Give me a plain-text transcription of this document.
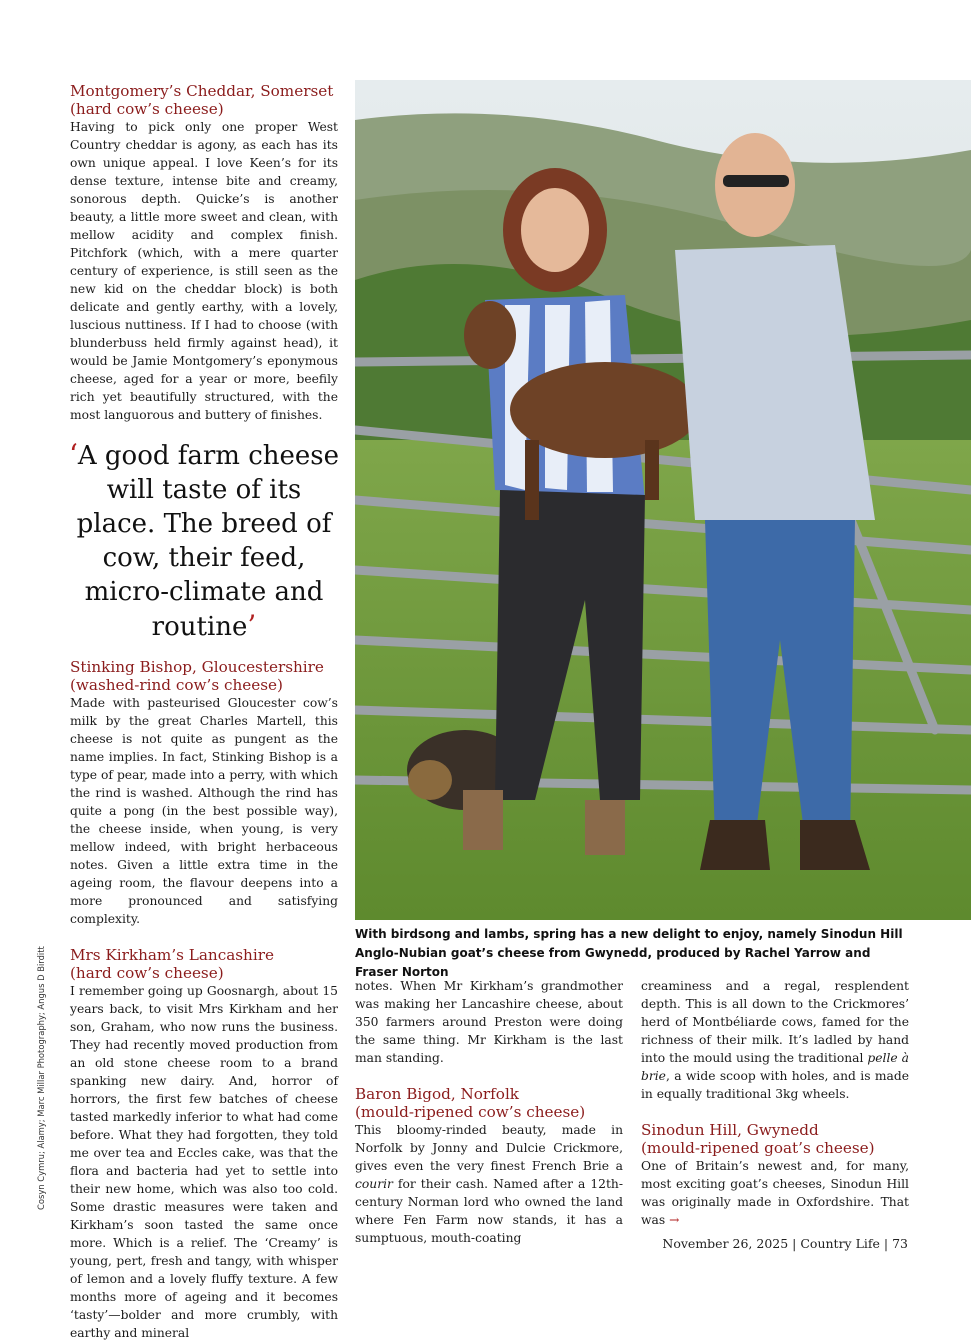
Montgomery’s Cheddar, Somerset
(hard cow’s cheese)

Having to pick only one proper West Country cheddar is agony, as each has its own unique appeal. I love Keen’s for its dense texture, intense bite and creamy, sonorous depth. Quicke’s is another beauty, a little more sweet and clean, with mellow acidity and complex finish. Pitchfork (which, with a mere quarter century of experience, is still seen as the new kid on the cheddar block) is both delicate and gently earthy, with a lovely, luscious nuttiness. If I had to choose (with blunderbuss held firmly against head), it would be Jamie Montgomery’s eponymous cheese, aged for a year or more, beefily rich yet beautifully structured, with the most languorous and buttery of finishes.

‘A good farm cheese will taste of its place. The breed of cow, their feed, micro-climate and routine’
Stinking Bishop, Gloucestershire
(washed-rind cow’s cheese)

Made with pasteurised Gloucester cow’s milk by the great Charles Martell, this cheese is not quite as pungent as the name implies. In fact, Stinking Bishop is a type of pear, made into a perry, with which the rind is washed. Although the rind has quite a pong (in the best possible way), the cheese inside, when young, is very mellow indeed, with bright herbaceous notes. Given a little extra time in the ageing room, the flavour deepens into a more pronounced and satisfying complexity.

Mrs Kirkham’s Lancashire
(hard cow’s cheese)

I remember going up Goosnargh, about 15 years back, to visit Mrs Kirkham and her son, Graham, who now runs the business. They had recently moved production from an old stone cheese room to a brand spanking new dairy. And, horror of horrors, the first few batches of cheese tasted markedly inferior to what had come before. What they had forgotten, they told me over tea and Eccles cake, was that the flora and bacteria had yet to settle into their new home, which was also too cold. Some drastic measures were taken and Kirkham’s soon tasted the same once more. Which is a relief. The ‘Creamy’ is young, pert, fresh and tangy, with whisper of lemon and a lovely fluffy texture. A few months more of ageing and it becomes ‘tasty’—bolder and more crumbly, with earthy and mineral

With birdsong and lambs, spring has a new delight to enjoy, namely Sinodun Hill Anglo-Nubian goat’s cheese from Gwynedd, produced by Rachel Yarrow and Fraser Norton

notes. When Mr Kirkham’s grandmother was making her Lancashire cheese, about 350 farmers around Preston were doing the same thing. Mr Kirkham is the last man standing.

Baron Bigod, Norfolk
(mould-ripened cow’s cheese)

This bloomy-rinded beauty, made in Norfolk by Jonny and Dulcie Crickmore, gives even the very finest French Brie a courir for their cash. Named after a 12th-century Norman lord who owned the land where Fen Farm now stands, it has a sumptuous, mouth-coating

creaminess and a regal, resplendent depth. This is all down to the Crickmores’ herd of Montbéliarde cows, famed for the richness of their milk. It’s ladled by hand into the mould using the traditional pelle à brie, a wide scoop with holes, and is made in equally traditional 3kg wheels.

Sinodun Hill, Gwynedd
(mould-ripened goat’s cheese)

One of Britain’s newest and, for many, most exciting goat’s cheeses, Sinodun Hill was originally made in Oxfordshire. That was →

Cosyn Cymru; Alamy; Marc Millar Photography; Angus D Birditt
November 26, 2025 | Country Life | 73
